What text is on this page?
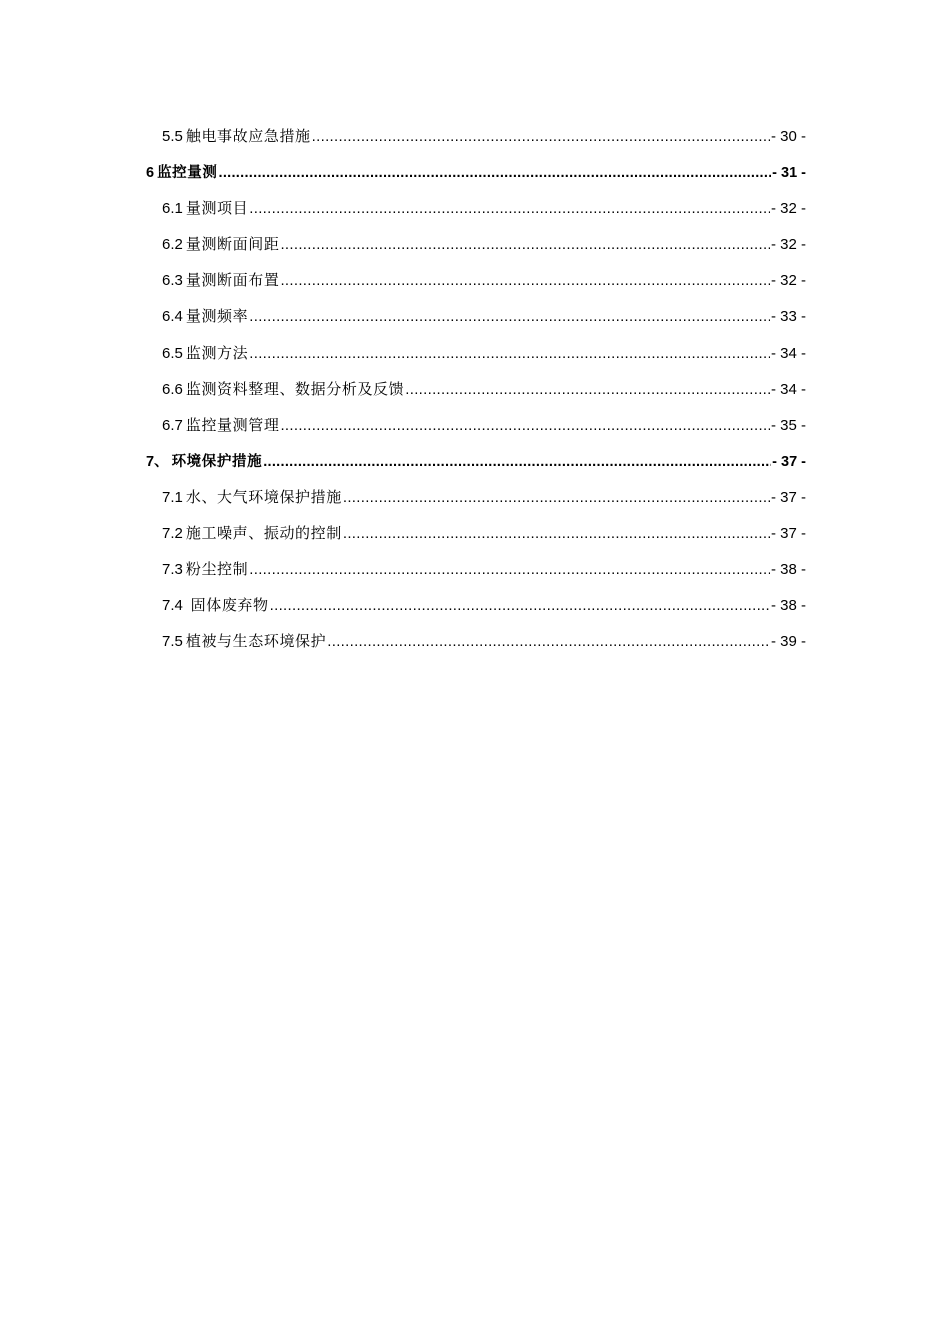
5.5 触电事故应急措施 .....	- 30 -
6 监控量测 .....	- 31 -
6.1 量测项目 .....	- 32 -
6.2 量测断面间距 .....	- 32 -
6.3 量测断面布置 .....	- 32 -
6.4 量测频率 .....	- 33 -
6.5 监测方法 .....	- 34 -
6.6 监测资料整理、数据分析及反馈 .....	- 34 -
6.7 监控量测管理 .....	- 35 -
7、 环境保护措施 .....	- 37 -
7.1 水、大气环境保护措施 .....	- 37 -
7.2 施工噪声、振动的控制 .....	- 37 -
7.3 粉尘控制 .....	- 38 -
7.4 固体废弃物 .....	- 38 -
7.5 植被与生态环境保护 .....	- 39 -
